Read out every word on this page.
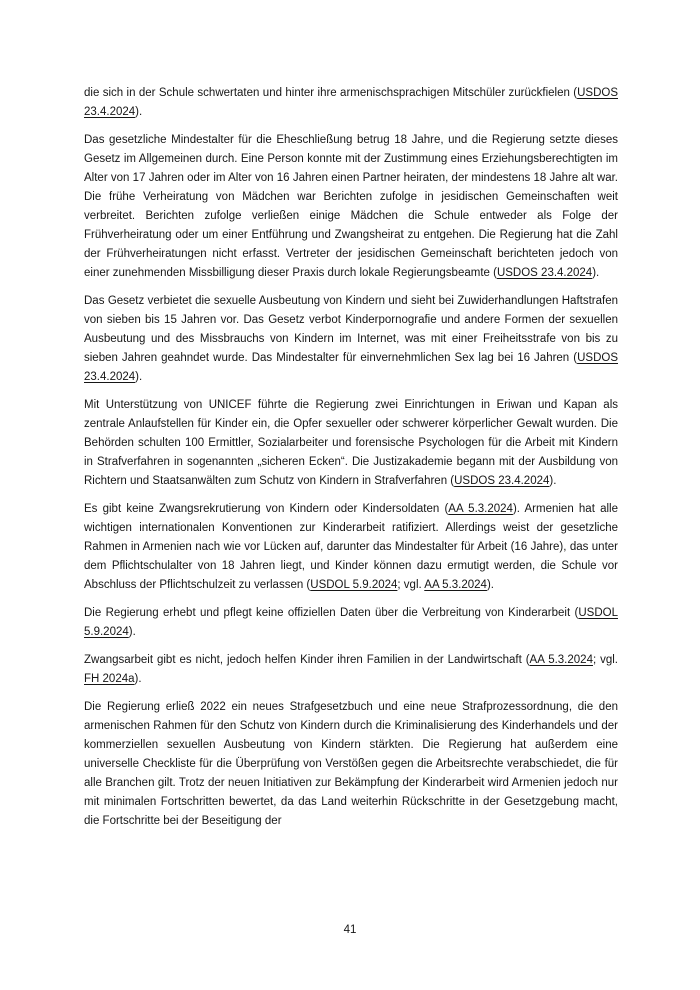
die sich in der Schule schwertaten und hinter ihre armenischsprachigen Mitschüler zurückfielen (USDOS 23.4.2024).

Das gesetzliche Mindestalter für die Eheschließung betrug 18 Jahre, und die Regierung setzte dieses Gesetz im Allgemeinen durch. Eine Person konnte mit der Zustimmung eines Erziehungsberechtigten im Alter von 17 Jahren oder im Alter von 16 Jahren einen Partner heiraten, der mindestens 18 Jahre alt war. Die frühe Verheiratung von Mädchen war Berichten zufolge in jesidischen Gemeinschaften weit verbreitet. Berichten zufolge verließen einige Mädchen die Schule entweder als Folge der Frühverheiratung oder um einer Entführung und Zwangsheirat zu entgehen. Die Regierung hat die Zahl der Frühverheiratungen nicht erfasst. Vertreter der jesidischen Gemeinschaft berichteten jedoch von einer zunehmenden Missbilligung dieser Praxis durch lokale Regierungsbeamte (USDOS 23.4.2024).

Das Gesetz verbietet die sexuelle Ausbeutung von Kindern und sieht bei Zuwiderhandlungen Haftstrafen von sieben bis 15 Jahren vor. Das Gesetz verbot Kinderpornografie und andere Formen der sexuellen Ausbeutung und des Missbrauchs von Kindern im Internet, was mit einer Freiheitsstrafe von bis zu sieben Jahren geahndet wurde. Das Mindestalter für einvernehmlichen Sex lag bei 16 Jahren (USDOS 23.4.2024).

Mit Unterstützung von UNICEF führte die Regierung zwei Einrichtungen in Eriwan und Kapan als zentrale Anlaufstellen für Kinder ein, die Opfer sexueller oder schwerer körperlicher Gewalt wurden. Die Behörden schulten 100 Ermittler, Sozialarbeiter und forensische Psychologen für die Arbeit mit Kindern in Strafverfahren in sogenannten „sicheren Ecken“. Die Justizakademie begann mit der Ausbildung von Richtern und Staatsanwälten zum Schutz von Kindern in Strafverfahren (USDOS 23.4.2024).

Es gibt keine Zwangsrekrutierung von Kindern oder Kindersoldaten (AA 5.3.2024). Armenien hat alle wichtigen internationalen Konventionen zur Kinderarbeit ratifiziert. Allerdings weist der gesetzliche Rahmen in Armenien nach wie vor Lücken auf, darunter das Mindestalter für Arbeit (16 Jahre), das unter dem Pflichtschulalter von 18 Jahren liegt, und Kinder können dazu ermutigt werden, die Schule vor Abschluss der Pflichtschulzeit zu verlassen (USDOL 5.9.2024; vgl. AA 5.3.2024).

Die Regierung erhebt und pflegt keine offiziellen Daten über die Verbreitung von Kinderarbeit (USDOL 5.9.2024).

Zwangsarbeit gibt es nicht, jedoch helfen Kinder ihren Familien in der Landwirtschaft (AA 5.3.2024; vgl. FH 2024a).

Die Regierung erließ 2022 ein neues Strafgesetzbuch und eine neue Strafprozessordnung, die den armenischen Rahmen für den Schutz von Kindern durch die Kriminalisierung des Kinderhandels und der kommerziellen sexuellen Ausbeutung von Kindern stärkten. Die Regierung hat außerdem eine universelle Checkliste für die Überprüfung von Verstößen gegen die Arbeitsrechte verabschiedet, die für alle Branchen gilt. Trotz der neuen Initiativen zur Bekämpfung der Kinderarbeit wird Armenien jedoch nur mit minimalen Fortschritten bewertet, da das Land weiterhin Rückschritte in der Gesetzgebung macht, die Fortschritte bei der Beseitigung der

41
